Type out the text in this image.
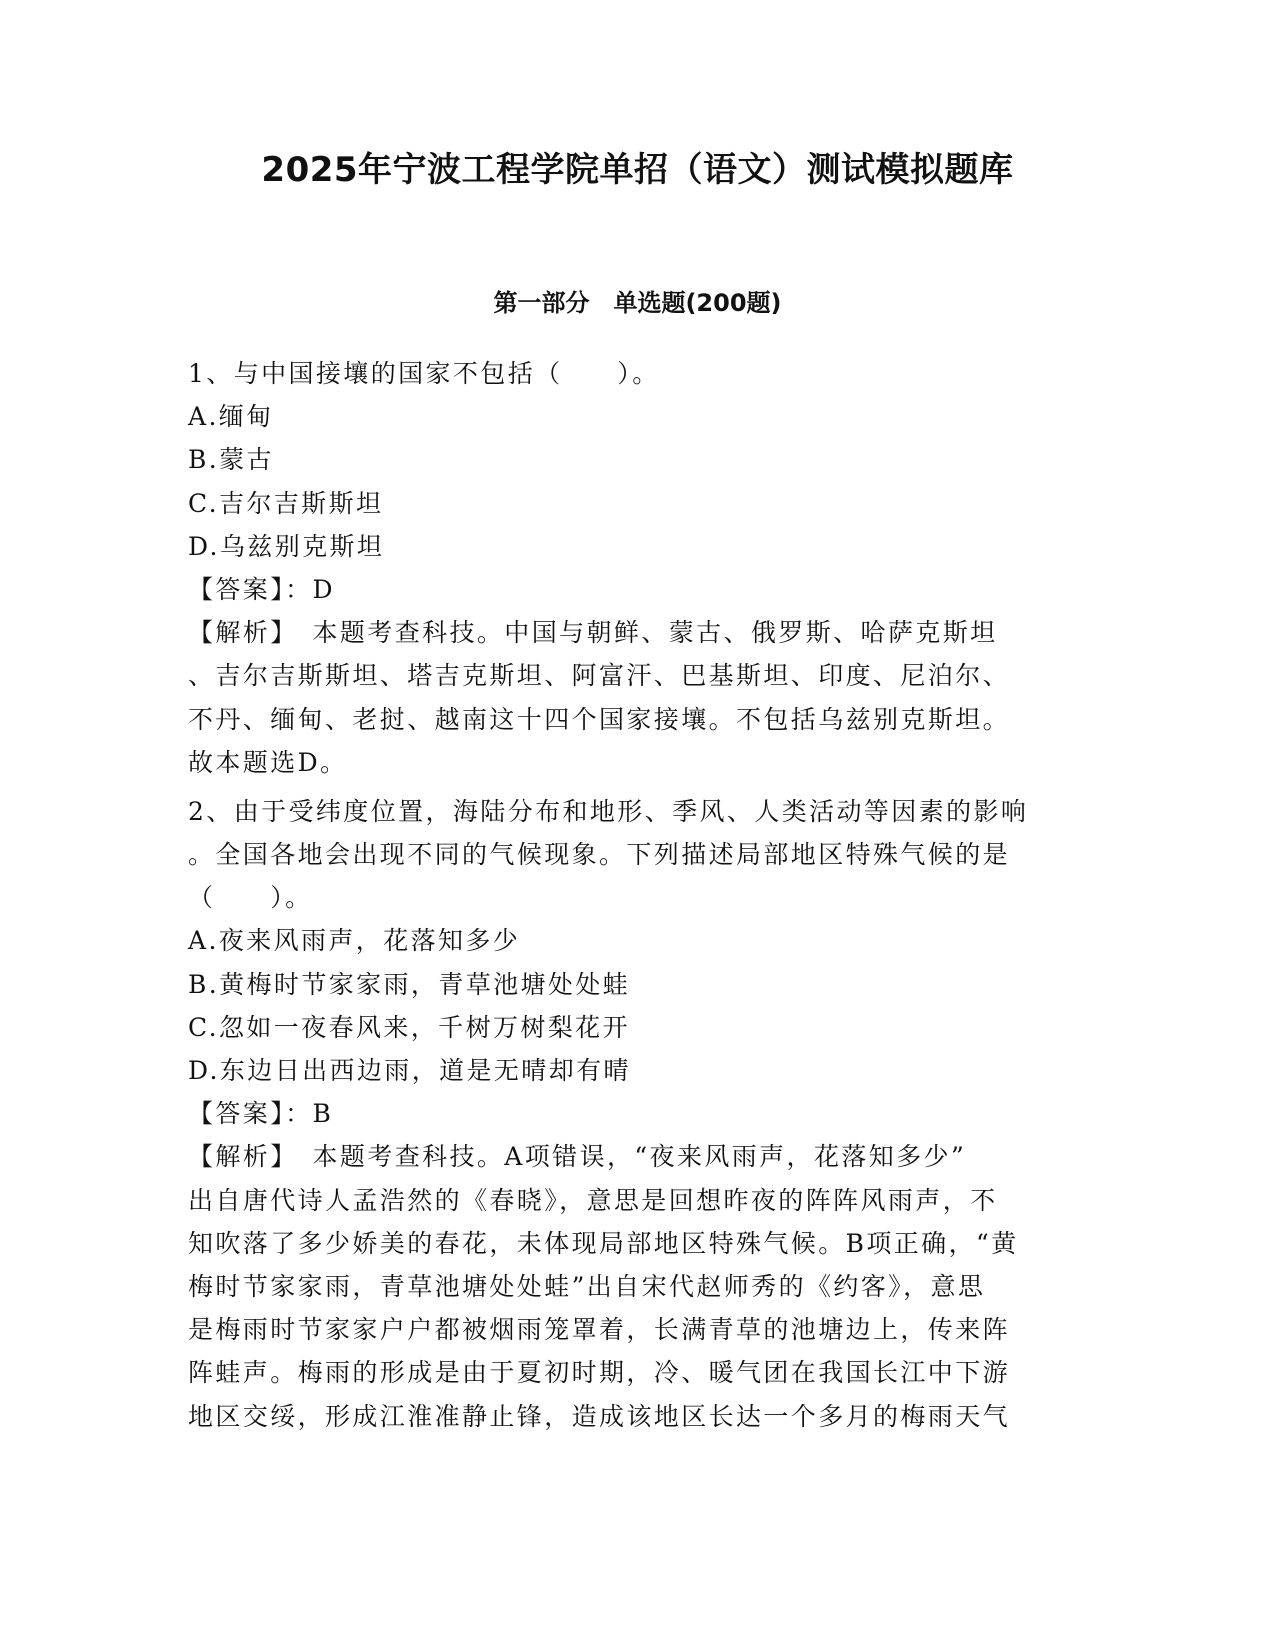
2025年宁波工程学院单招（语文）测试模拟题库
第一部分　单选题(200题)
1、与中国接壤的国家不包括（　　）。
A.缅甸
B.蒙古
C.吉尔吉斯斯坦
D.乌兹别克斯坦
【答案】：D
【解析】　本题考查科技。中国与朝鲜、蒙古、俄罗斯、哈萨克斯坦
、吉尔吉斯斯坦、塔吉克斯坦、阿富汗、巴基斯坦、印度、尼泊尔、
不丹、缅甸、老挝、越南这十四个国家接壤。不包括乌兹别克斯坦。
故本题选D。
2、由于受纬度位置，海陆分布和地形、季风、人类活动等因素的影响
。全国各地会出现不同的气候现象。下列描述局部地区特殊气候的是
（　　）。
A.夜来风雨声，花落知多少
B.黄梅时节家家雨，青草池塘处处蛙
C.忽如一夜春风来，千树万树梨花开
D.东边日出西边雨，道是无晴却有晴
【答案】：B
【解析】　本题考查科技。A项错误，“夜来风雨声，花落知多少”
出自唐代诗人孟浩然的《春晓》，意思是回想昨夜的阵阵风雨声，不
知吹落了多少娇美的春花，未体现局部地区特殊气候。B项正确，“黄
梅时节家家雨，青草池塘处处蛙”出自宋代赵师秀的《约客》，意思
是梅雨时节家家户户都被烟雨笼罩着，长满青草的池塘边上，传来阵
阵蛙声。梅雨的形成是由于夏初时期，冷、暖气团在我国长江中下游
地区交绥，形成江淮准静止锋，造成该地区长达一个多月的梅雨天气
